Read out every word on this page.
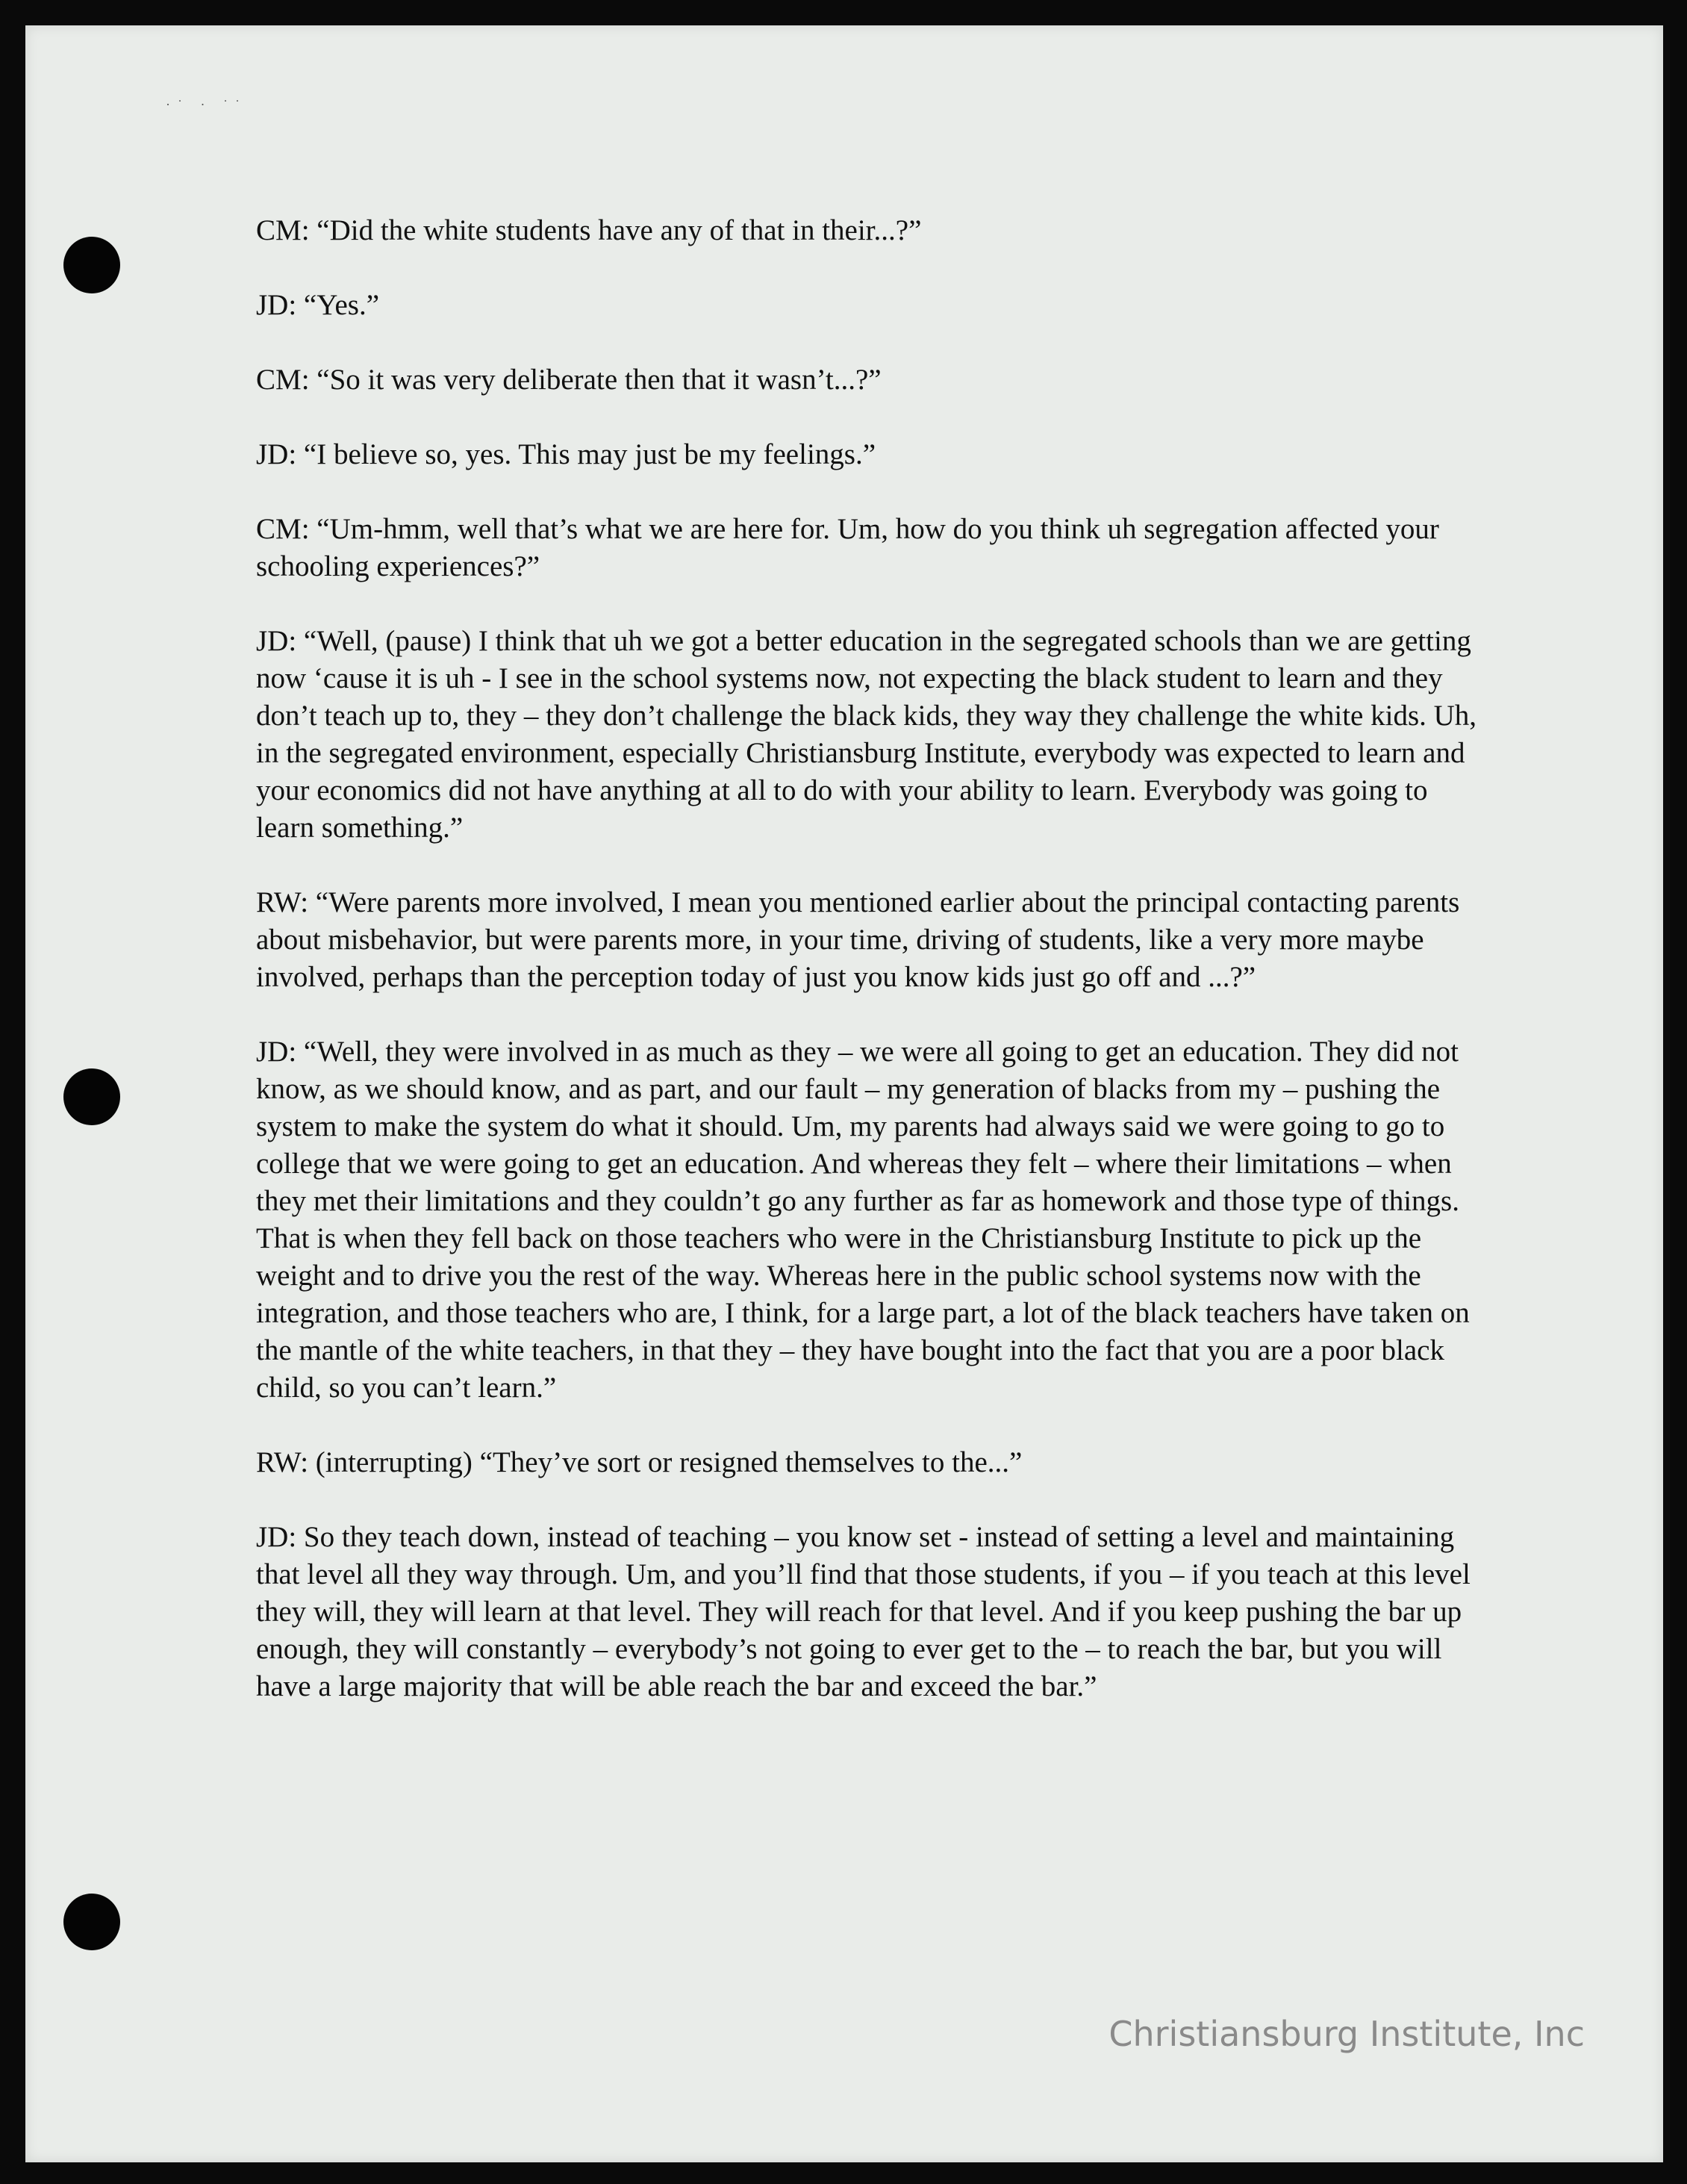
·˙ · ˙˙

CM: “Did the white students have any of that in their...?”

JD: “Yes.”

CM: “So it was very deliberate then that it wasn’t...?”

JD: “I believe so, yes. This may just be my feelings.”

CM: “Um-hmm, well that’s what we are here for. Um, how do you think uh segregation affected your schooling experiences?”

JD: “Well, (pause) I think that uh we got a better education in the segregated schools than we are getting now ‘cause it is uh - I see in the school systems now, not expecting the black student to learn and they don’t teach up to, they – they don’t challenge the black kids, they way they challenge the white kids. Uh, in the segregated environment, especially Christiansburg Institute, everybody was expected to learn and your economics did not have anything at all to do with your ability to learn. Everybody was going to learn something.”

RW: “Were parents more involved, I mean you mentioned earlier about the principal contacting parents about misbehavior, but were parents more, in your time, driving of students, like a very more maybe involved, perhaps than the perception today of just you know kids just go off and ...?”

JD: “Well, they were involved in as much as they – we were all going to get an education. They did not know, as we should know, and as part, and our fault – my generation of blacks from my – pushing the system to make the system do what it should. Um, my parents had always said we were going to go to college that we were going to get an education. And whereas they felt – where their limitations – when they met their limitations and they couldn’t go any further as far as homework and those type of things. That is when they fell back on those teachers who were in the Christiansburg Institute to pick up the weight and to drive you the rest of the way. Whereas here in the public school systems now with the integration, and those teachers who are, I think, for a large part, a lot of the black teachers have taken on the mantle of the white teachers, in that they – they have bought into the fact that you are a poor black child, so you can’t learn.”

RW: (interrupting) “They’ve sort or resigned themselves to the...”

JD: So they teach down, instead of teaching – you know set - instead of setting a level and maintaining that level all they way through. Um, and you’ll find that those students, if you – if you teach at this level they will, they will learn at that level. They will reach for that level. And if you keep pushing the bar up enough, they will constantly – everybody’s not going to ever get to the – to reach the bar, but you will have a large majority that will be able reach the bar and exceed the bar.”

Christiansburg Institute, Inc
